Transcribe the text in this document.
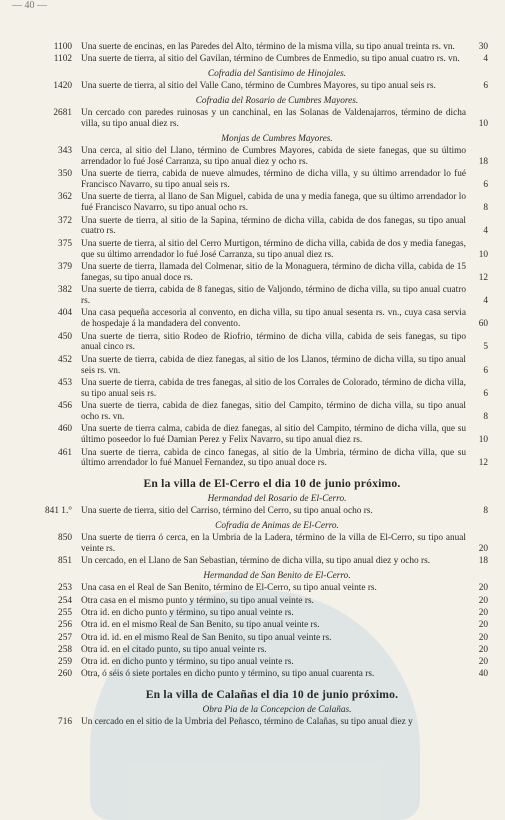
— 40 —
1100 Una suerte de encinas, en las Paredes del Alto, término de la misma villa, su tipo anual treinta rs. vn.	30
1102 Una suerte de tierra, al sitio del Gavilan, término de Cumbres de Enmedio, su tipo anual cuatro rs. vn.	4
Cofradia del Santisimo de Hinojales.
1420 Una suerte de tierra, al sitio del Valle Cano, término de Cumbres Mayores, su tipo anual seis rs.	6
Cofradia del Rosario de Cumbres Mayores.
2681 Un cercado con paredes ruinosas y un canchinal, en las Solanas de Valdenajarros, término de dicha villa, su tipo anual diez rs.	10
Monjas de Cumbres Mayores.
343 Una cerca, al sitio del Llano, término de Cumbres Mayores, cabida de siete fanegas, que su último arrendador lo fué José Carranza, su tipo anual diez y ocho rs.	18
350 Una suerte de tierra, cabida de nueve almudes, término de dicha villa, y su último arrendador lo fué Francisco Navarro, su tipo anual seis rs.	6
362 Una suerte de tierra, al llano de San Miguel, cabida de una y media fanega, que su último arrendador lo fué Francisco Navarro, su tipo anual ocho rs.	8
372 Una suerte de tierra, al sitio de la Sapina, término de dicha villa, cabida de dos fanegas, su tipo anual cuatro rs.	4
375 Una suerte de tierra, al sitio del Cerro Murtigon, término de dicha villa, cabida de dos y media fanegas, que su último arrendador lo fué José Carranza, su tipo anual diez rs.	10
379 Una suerte de tierra, llamada del Colmenar, sitio de la Monaguera, término de dicha villa, cabida de 15 fanegas, su tipo anual doce rs.	12
382 Una suerte de tierra, cabida de 8 fanegas, sitio de Valjondo, término de dicha villa, su tipo anual cuatro rs.	4
404 Una casa pequeña accesoria al convento, en dicha villa, su tipo anual sesenta rs. vn., cuya casa servia de hospedaje á la mandadera del convento.	60
450 Una suerte de tierra, sitio Rodeo de Riofrio, término de dicha villa, cabida de seis fanegas, su tipo anual cinco rs.	5
452 Una suerte de tierra, cabida de diez fanegas, al sitio de los Llanos, término de dicha villa, su tipo anual seis rs. vn.	6
453 Una suerte de tierra, cabida de tres fanegas, al sitio de los Corrales de Colorado, término de dicha villa, su tipo anual seis rs.	6
456 Una suerte de tierra, cabida de diez fanegas, sitio del Campito, término de dicha villa, su tipo anual ocho rs. vn.	8
460 Una suerte de tierra calma, cabida de diez fanegas, al sitio del Campito, término de dicha villa, que su último poseedor lo fué Damian Perez y Felix Navarro, su tipo anual diez rs.	10
461 Una suerte de tierra, cabida de cinco fanegas, al sitio de la Umbria, término de dicha villa, que su último arrendador lo fué Manuel Fernandez, su tipo anual doce rs.	12
En la villa de El-Cerro el dia 10 de junio próximo.
Hermandad del Rosario de El-Cerro.
841 1.° Una suerte de tierra, sitio del Carriso, término del Cerro, su tipo anual ocho rs.	8
Cofradia de Animas de El-Cerro.
850 Una suerte de tierra ó cerca, en la Umbria de la Ladera, término de la villa de El-Cerro, su tipo anual veinte rs.	20
851 Un cercado, en el Llano de San Sebastian, término de dicha villa, su tipo anual diez y ocho rs.	18
Hermandad de San Benito de El-Cerro.
253 Una casa en el Real de San Benito, término de El-Cerro, su tipo anual veinte rs.	20
254 Otra casa en el mismo punto y término, su tipo anual veinte rs.	20
255 Otra id. en dicho punto y término, su tipo anual veinte rs.	20
256 Otra id. en el mismo Real de San Benito, su tipo anual veinte rs.	20
257 Otra id. id. en el mismo Real de San Benito, su tipo anual veinte rs.	20
258 Otra id. en el citado punto, su tipo anual veinte rs.	20
259 Otra id. en dicho punto y término, su tipo anual veinte rs.	20
260 Otra, ó séis ó siete portales en dicho punto y término, su tipo anual cuarenta rs.	40
En la villa de Calañas el dia 10 de junio próximo.
Obra Pia de la Concepcion de Calañas.
716 Un cercado en el sitio de la Umbria del Peñasco, término de Calañas, su tipo anual diez y
